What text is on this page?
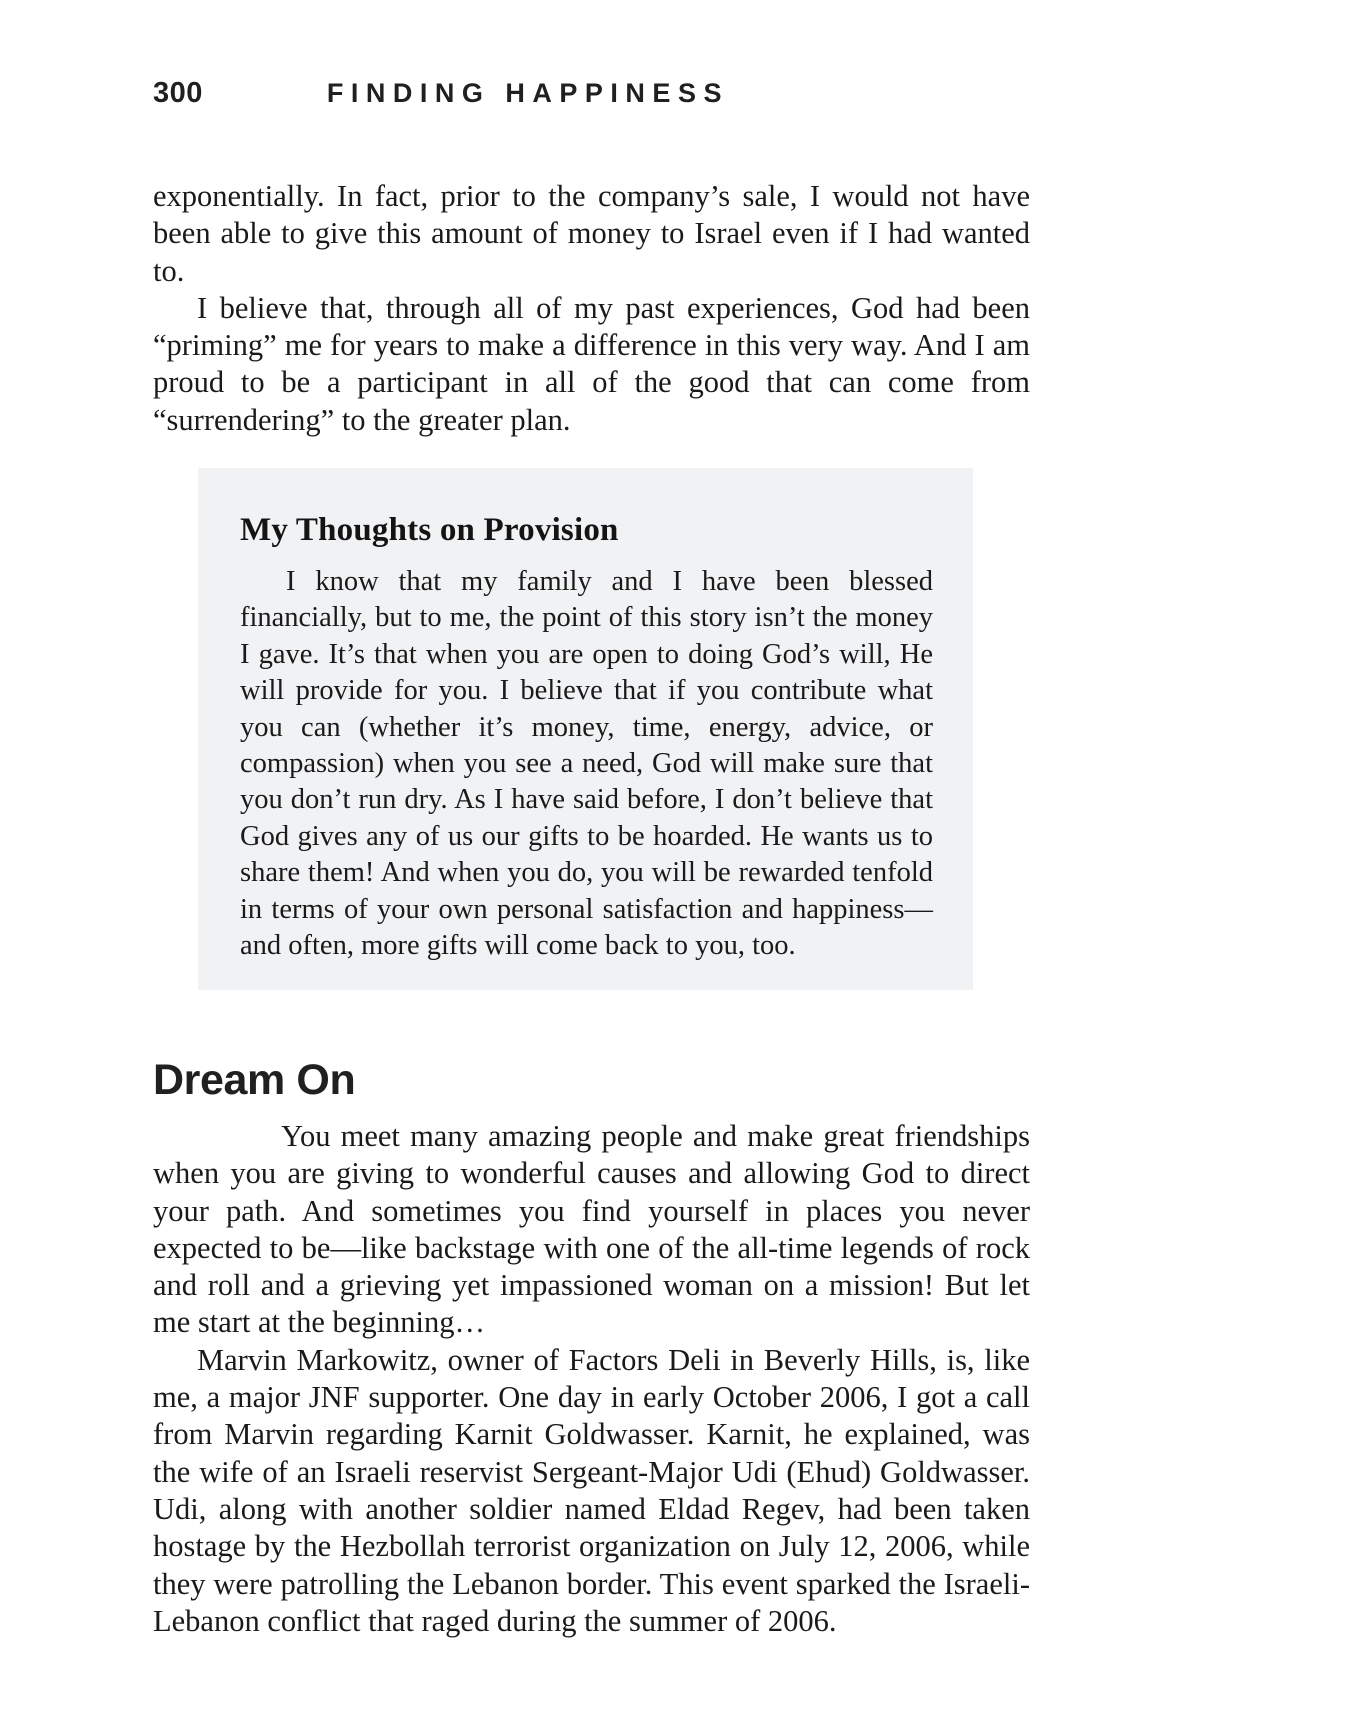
300	FINDING HAPPINESS

exponentially. In fact, prior to the company’s sale, I would not have been able to give this amount of money to Israel even if I had wanted to.

I believe that, through all of my past experiences, God had been “priming” me for years to make a difference in this very way. And I am proud to be a participant in all of the good that can come from “surrendering” to the greater plan.

My Thoughts on Provision

I know that my family and I have been blessed financially, but to me, the point of this story isn’t the money I gave. It’s that when you are open to doing God’s will, He will provide for you. I believe that if you contribute what you can (whether it’s money, time, energy, advice, or compassion) when you see a need, God will make sure that you don’t run dry. As I have said before, I don’t believe that God gives any of us our gifts to be hoarded. He wants us to share them! And when you do, you will be rewarded tenfold in terms of your own personal satisfaction and happiness—and often, more gifts will come back to you, too.

Dream On

You meet many amazing people and make great friendships when you are giving to wonderful causes and allowing God to direct your path. And sometimes you find yourself in places you never expected to be—like backstage with one of the all-time legends of rock and roll and a grieving yet impassioned woman on a mission! But let me start at the beginning…

Marvin Markowitz, owner of Factors Deli in Beverly Hills, is, like me, a major JNF supporter. One day in early October 2006, I got a call from Marvin regarding Karnit Goldwasser. Karnit, he explained, was the wife of an Israeli reservist Sergeant-Major Udi (Ehud) Goldwasser. Udi, along with another soldier named Eldad Regev, had been taken hostage by the Hezbollah terrorist organization on July 12, 2006, while they were patrolling the Lebanon border. This event sparked the Israeli-Lebanon conflict that raged during the summer of 2006.
